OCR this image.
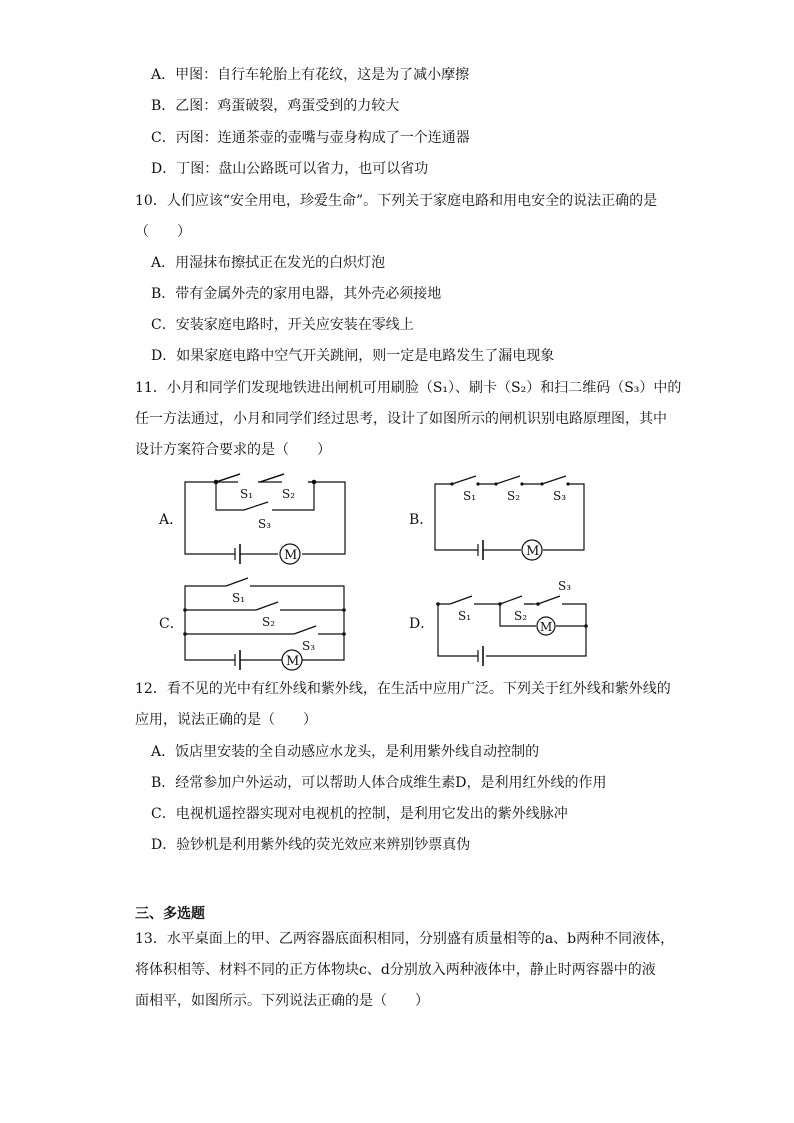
A．甲图：自行车轮胎上有花纹，这是为了减小摩擦
B．乙图：鸡蛋破裂，鸡蛋受到的力较大
C．丙图：连通茶壶的壶嘴与壶身构成了一个连通器
D．丁图：盘山公路既可以省力，也可以省功
10．人们应该“安全用电，珍爱生命”。下列关于家庭电路和用电安全的说法正确的是
（　　）
A．用湿抹布擦拭正在发光的白炽灯泡
B．带有金属外壳的家用电器，其外壳必须接地
C．安装家庭电路时，开关应安装在零线上
D．如果家庭电路中空气开关跳闸，则一定是电路发生了漏电现象
11．小月和同学们发现地铁进出闸机可用刷脸（S₁）、刷卡（S₂）和扫二维码（S₃）中的
任一方法通过，小月和同学们经过思考，设计了如图所示的闸机识别电路原理图，其中
设计方案符合要求的是（　　）
A．
S₁ S₂
S₃
M
B．
S₁	S₂	S₃
M
C．
S₁
S₂
S₃
M
D． S₁	S₂
S₃
M
12．看不见的光中有红外线和紫外线，在生活中应用广泛。下列关于红外线和紫外线的
应用，说法正确的是（　　）
A．饭店里安装的全自动感应水龙头，是利用紫外线自动控制的
B．经常参加户外运动，可以帮助人体合成维生素D，是利用红外线的作用
C．电视机遥控器实现对电视机的控制，是利用它发出的紫外线脉冲
D．验钞机是利用紫外线的荧光效应来辨别钞票真伪
三、多选题
13．水平桌面上的甲、乙两容器底面积相同，分别盛有质量相等的a、b两种不同液体，
将体积相等、材料不同的正方体物块c、d分别放入两种液体中，静止时两容器中的液
面相平，如图所示。下列说法正确的是（　　）
